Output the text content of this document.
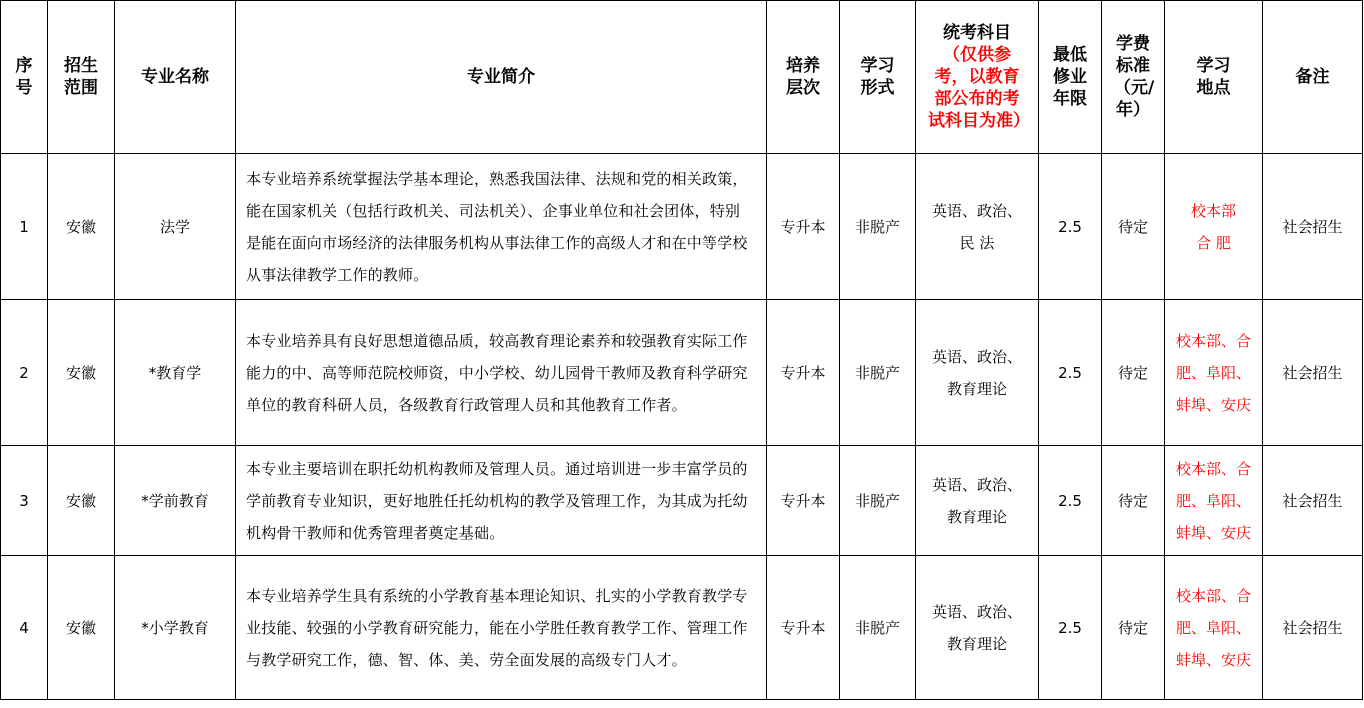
序号	招生范围	专业名称	专业简介	培养层次	学习形式	统考科目
（仅供参考，以教育部公布的考试科目为准）	最低修业年限	学费标准（元/年）	学习地点	备注
1	安徽	法学	本专业培养系统掌握法学基本理论，熟悉我国法律、法规和党的相关政策，能在国家机关（包括行政机关、司法机关）、企事业单位和社会团体，特别是能在面向市场经济的法律服务机构从事法律工作的高级人才和在中等学校从事法律教学工作的教师。	专升本	非脱产	英语、政治、
民 法	2.5	待定	校本部
合 肥	社会招生
2	安徽	*教育学	本专业培养具有良好思想道德品质，较高教育理论素养和较强教育实际工作能力的中、高等师范院校师资，中小学校、幼儿园骨干教师及教育科学研究单位的教育科研人员，各级教育行政管理人员和其他教育工作者。	专升本	非脱产	英语、政治、
教育理论	2.5	待定	校本部、合
肥、阜阳、
蚌埠、安庆	社会招生
3	安徽	*学前教育	本专业主要培训在职托幼机构教师及管理人员。通过培训进一步丰富学员的学前教育专业知识，更好地胜任托幼机构的教学及管理工作，为其成为托幼机构骨干教师和优秀管理者奠定基础。	专升本	非脱产	英语、政治、
教育理论	2.5	待定	校本部、合
肥、阜阳、
蚌埠、安庆	社会招生
4	安徽	*小学教育	本专业培养学生具有系统的小学教育基本理论知识、扎实的小学教育教学专业技能、较强的小学教育研究能力，能在小学胜任教育教学工作、管理工作与教学研究工作，德、智、体、美、劳全面发展的高级专门人才。	专升本	非脱产	英语、政治、
教育理论	2.5	待定	校本部、合
肥、阜阳、
蚌埠、安庆	社会招生
